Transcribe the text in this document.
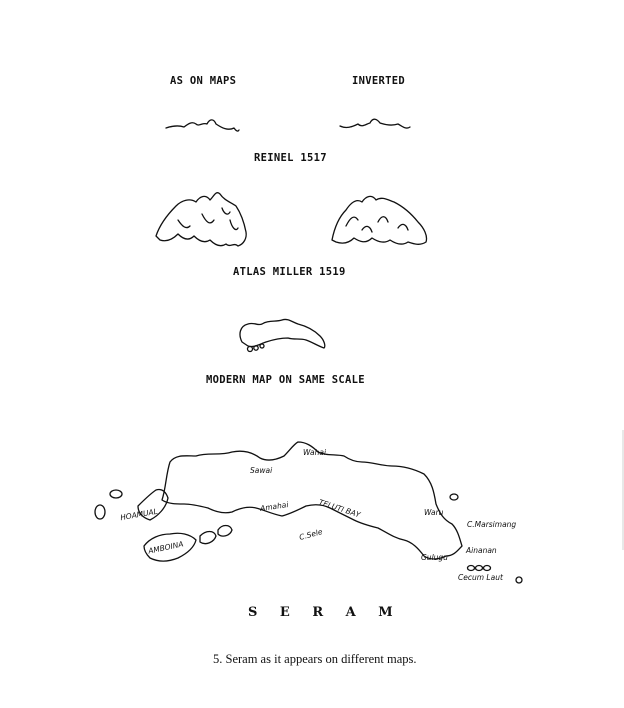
AS ON MAPS	INVERTED
REINEL 1517
ATLAS MILLER 1519
MODERN MAP ON SAME SCALE
Sawai
Wahai
HOAMUAL
AMBOINA
Amahai	TELUTI BAY
C.Sele
Waru
C.Marsimang
Ainanan
Gulugu
Cecum Laut
S E R A M
5. Seram as it appears on different maps.
